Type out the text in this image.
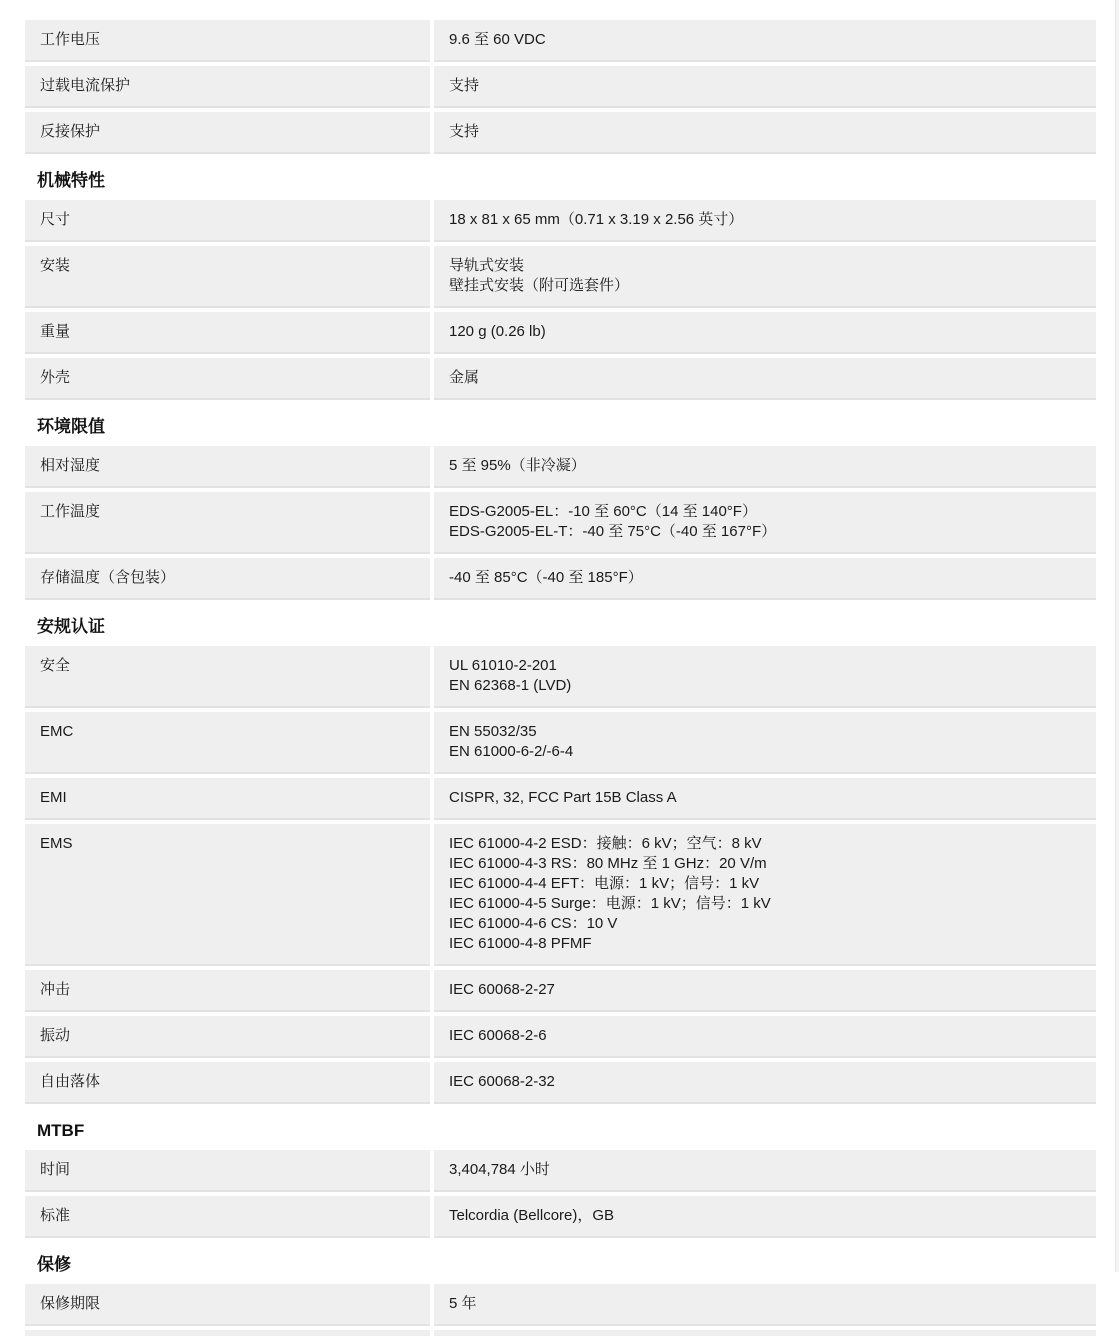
工作电压	9.6 至 60 VDC
过载电流保护	支持
反接保护	支持
机械特性
尺寸	18 x 81 x 65 mm（0.71 x 3.19 x 2.56 英寸）
安装	导轨式安装
壁挂式安装（附可选套件）
重量	120 g (0.26 lb)
外壳	金属
环境限值
相对湿度	5 至 95%（非冷凝）
工作温度	EDS-G2005-EL：-10 至 60°C（14 至 140°F）
EDS-G2005-EL-T：-40 至 75°C（-40 至 167°F）
存储温度（含包装）	-40 至 85°C（-40 至 185°F）
安规认证
安全	UL 61010-2-201
EN 62368-1 (LVD)
EMC	EN 55032/35
EN 61000-6-2/-6-4
EMI	CISPR, 32, FCC Part 15B Class A
EMS	IEC 61000-4-2 ESD：接触：6 kV；空气：8 kV
IEC 61000-4-3 RS：80 MHz 至 1 GHz：20 V/m
IEC 61000-4-4 EFT：电源：1 kV；信号：1 kV
IEC 61000-4-5 Surge：电源：1 kV；信号：1 kV
IEC 61000-4-6 CS：10 V
IEC 61000-4-8 PFMF
冲击	IEC 60068-2-27
振动	IEC 60068-2-6
自由落体	IEC 60068-2-32
MTBF
时间	3,404,784 小时
标准	Telcordia (Bellcore)，GB
保修
保修期限	5 年
